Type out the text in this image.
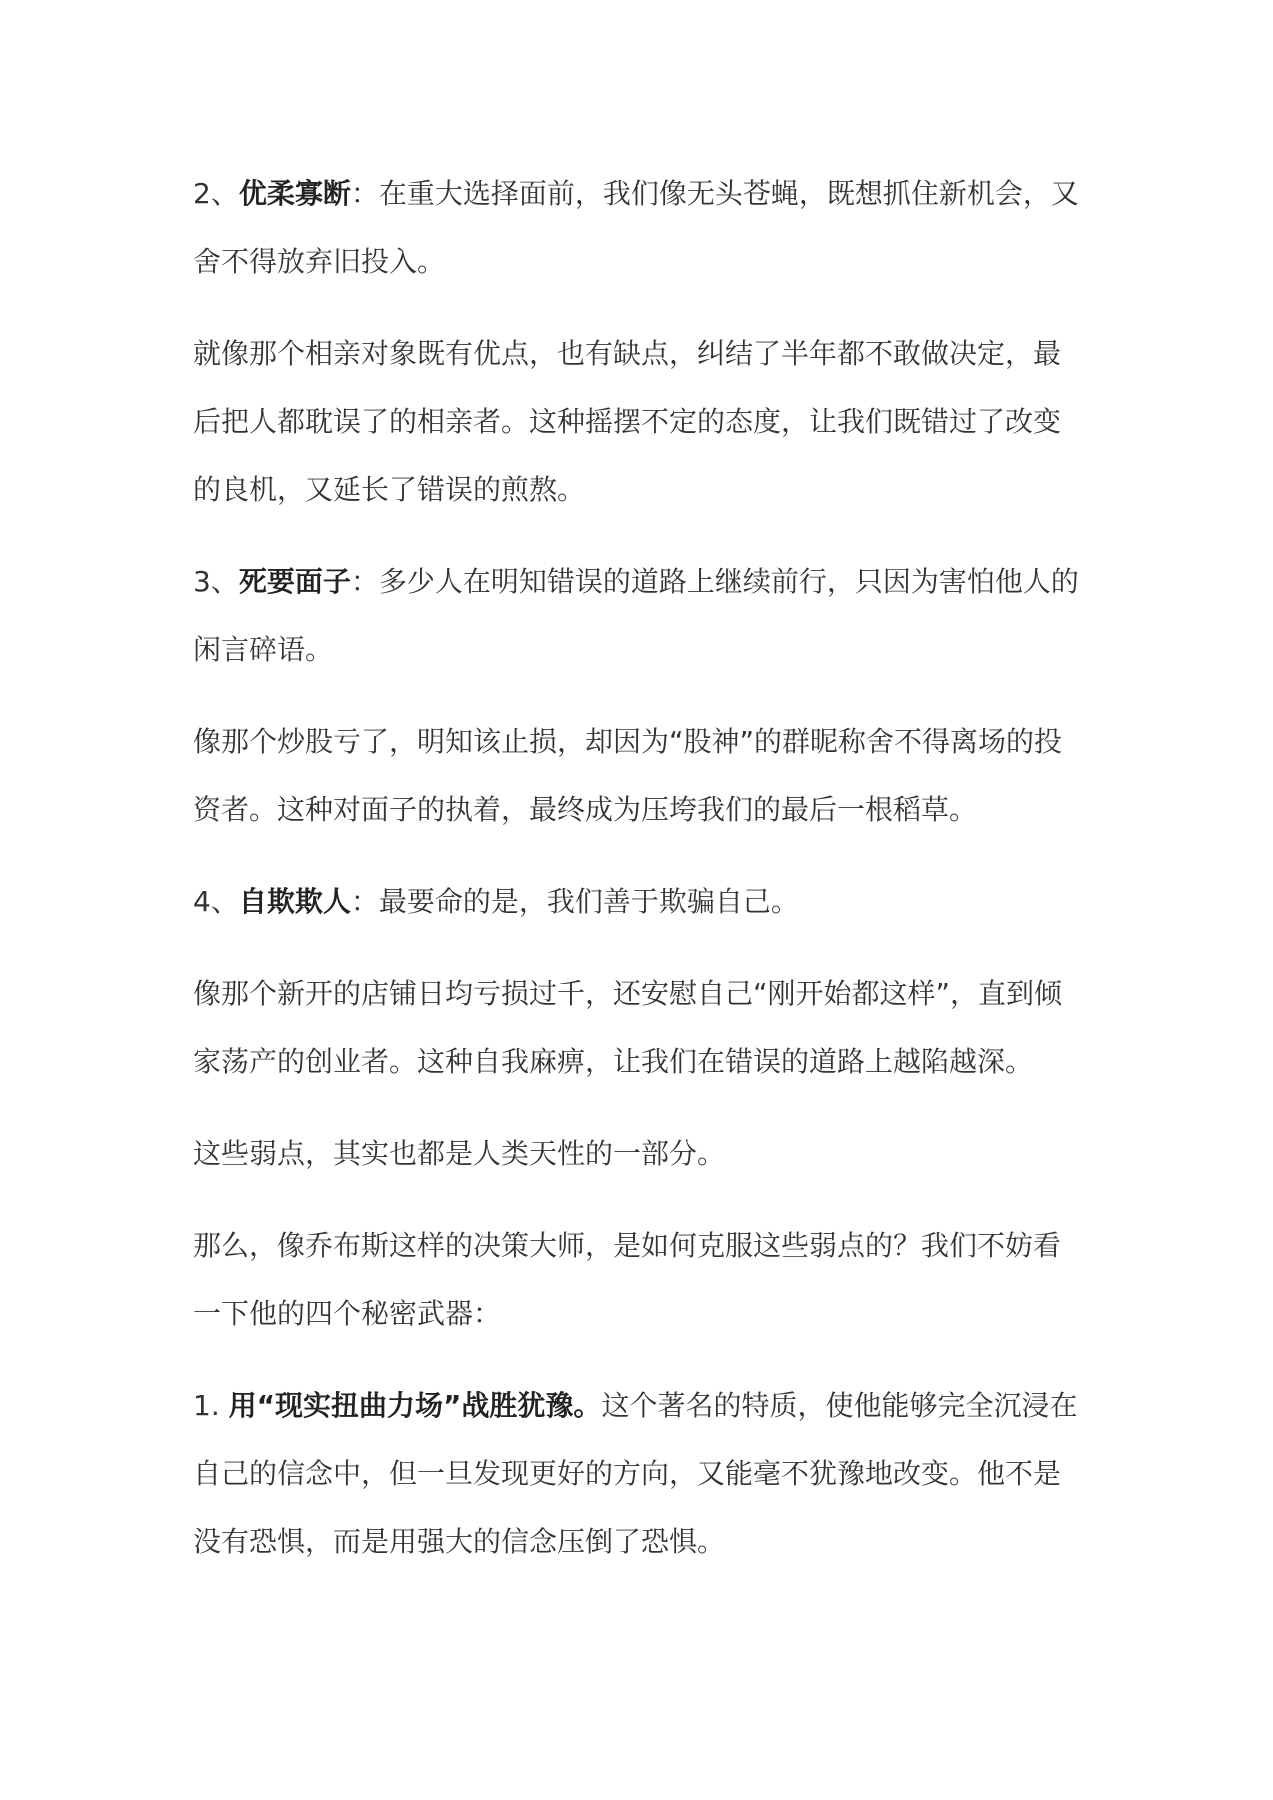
2、优柔寡断：在重大选择面前，我们像无头苍蝇，既想抓住新机会，又舍不得放弃旧投入。

就像那个相亲对象既有优点，也有缺点，纠结了半年都不敢做决定，最后把人都耽误了的相亲者。这种摇摆不定的态度，让我们既错过了改变的良机，又延长了错误的煎熬。

3、死要面子：多少人在明知错误的道路上继续前行，只因为害怕他人的闲言碎语。

像那个炒股亏了，明知该止损，却因为“股神”的群昵称舍不得离场的投资者。这种对面子的执着，最终成为压垮我们的最后一根稻草。

4、自欺欺人：最要命的是，我们善于欺骗自己。

像那个新开的店铺日均亏损过千，还安慰自己“刚开始都这样”，直到倾家荡产的创业者。这种自我麻痹，让我们在错误的道路上越陷越深。

这些弱点，其实也都是人类天性的一部分。

那么，像乔布斯这样的决策大师，是如何克服这些弱点的？我们不妨看一下他的四个秘密武器：

1. 用“现实扭曲力场”战胜犹豫。这个著名的特质，使他能够完全沉浸在自己的信念中，但一旦发现更好的方向，又能毫不犹豫地改变。他不是没有恐惧，而是用强大的信念压倒了恐惧。
